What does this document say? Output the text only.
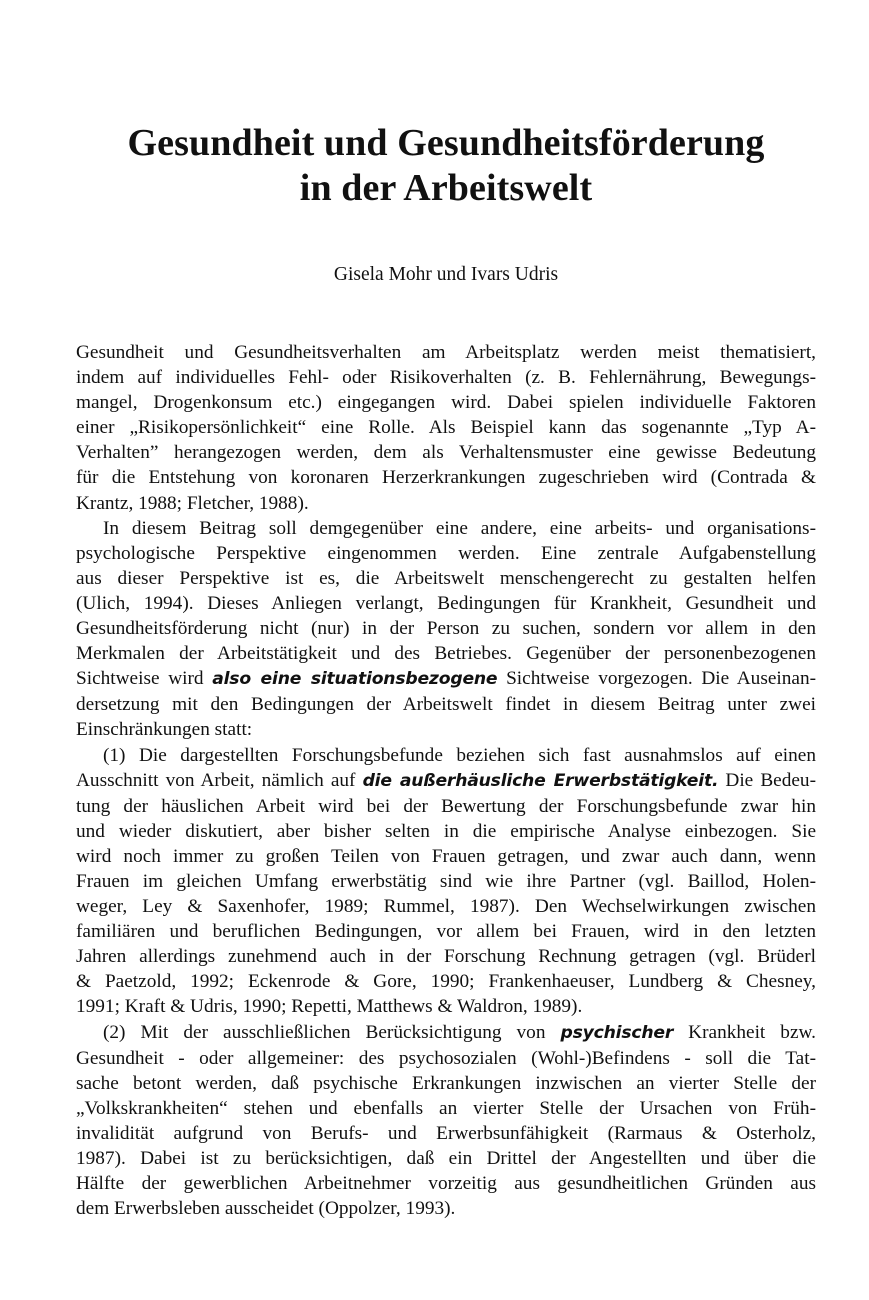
Gesundheit und Gesundheitsförderung
in der Arbeitswelt
Gisela Mohr und Ivars Udris

Gesundheit und Gesundheitsverhalten am Arbeitsplatz werden meist thematisiert,
indem auf individuelles Fehl- oder Risikoverhalten (z. B. Fehlernährung, Bewegungs-
mangel, Drogenkonsum etc.) eingegangen wird. Dabei spielen individuelle Faktoren
einer „Risikopersönlichkeit“ eine Rolle. Als Beispiel kann das sogenannte „Typ A-
Verhalten” herangezogen werden, dem als Verhaltensmuster eine gewisse Bedeutung
für die Entstehung von koronaren Herzerkrankungen zugeschrieben wird (Contrada &
Krantz, 1988; Fletcher, 1988).

In diesem Beitrag soll demgegenüber eine andere, eine arbeits- und organisations-
psychologische Perspektive eingenommen werden. Eine zentrale Aufgabenstellung
aus dieser Perspektive ist es, die Arbeitswelt menschengerecht zu gestalten helfen
(Ulich, 1994). Dieses Anliegen verlangt, Bedingungen für Krankheit, Gesundheit und
Gesundheitsförderung nicht (nur) in der Person zu suchen, sondern vor allem in den
Merkmalen der Arbeitstätigkeit und des Betriebes. Gegenüber der personenbezogenen
Sichtweise wird also eine situationsbezogene Sichtweise vorgezogen. Die Auseinan-
dersetzung mit den Bedingungen der Arbeitswelt findet in diesem Beitrag unter zwei
Einschränkungen statt:

(1) Die dargestellten Forschungsbefunde beziehen sich fast ausnahmslos auf einen
Ausschnitt von Arbeit, nämlich auf die außerhäusliche Erwerbstätigkeit. Die Bedeu-
tung der häuslichen Arbeit wird bei der Bewertung der Forschungsbefunde zwar hin
und wieder diskutiert, aber bisher selten in die empirische Analyse einbezogen. Sie
wird noch immer zu großen Teilen von Frauen getragen, und zwar auch dann, wenn
Frauen im gleichen Umfang erwerbstätig sind wie ihre Partner (vgl. Baillod, Holen-
weger, Ley & Saxenhofer, 1989; Rummel, 1987). Den Wechselwirkungen zwischen
familiären und beruflichen Bedingungen, vor allem bei Frauen, wird in den letzten
Jahren allerdings zunehmend auch in der Forschung Rechnung getragen (vgl. Brüderl
& Paetzold, 1992; Eckenrode & Gore, 1990; Frankenhaeuser, Lundberg & Chesney,
1991; Kraft & Udris, 1990; Repetti, Matthews & Waldron, 1989).

(2) Mit der ausschließlichen Berücksichtigung von psychischer Krankheit bzw.
Gesundheit - oder allgemeiner: des psychosozialen (Wohl-)Befindens - soll die Tat-
sache betont werden, daß psychische Erkrankungen inzwischen an vierter Stelle der
„Volkskrankheiten“ stehen und ebenfalls an vierter Stelle der Ursachen von Früh-
invalidität aufgrund von Berufs- und Erwerbsunfähigkeit (Rarmaus & Osterholz,
1987). Dabei ist zu berücksichtigen, daß ein Drittel der Angestellten und über die
Hälfte der gewerblichen Arbeitnehmer vorzeitig aus gesundheitlichen Gründen aus
dem Erwerbsleben ausscheidet (Oppolzer, 1993).
